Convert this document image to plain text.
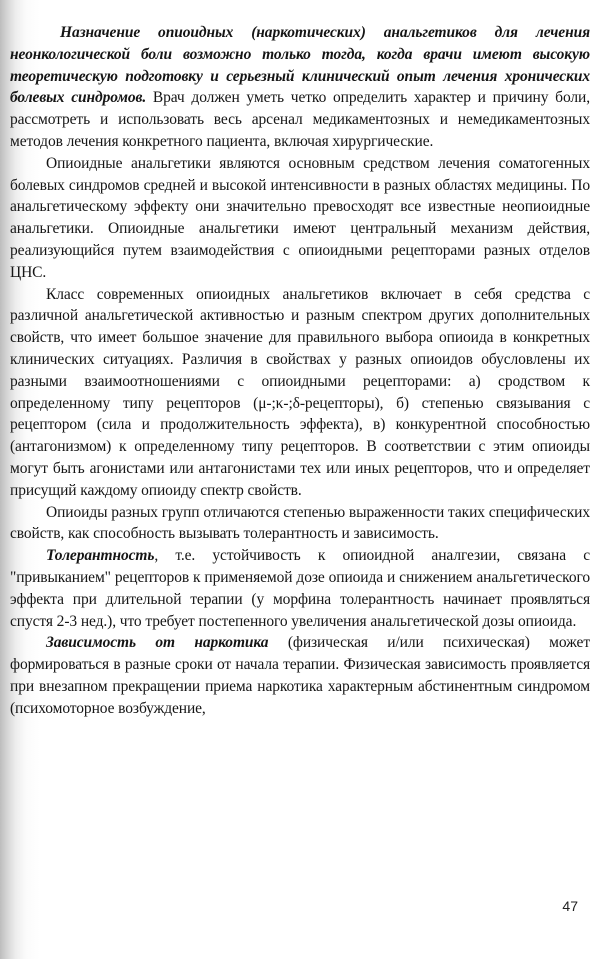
Назначение опиоидных (наркотических) анальгетиков для лечения неонкологической боли возможно только тогда, когда врачи имеют высокую теоретическую подготовку и серьезный клинический опыт лечения хронических болевых синдромов. Врач должен уметь четко определить характер и причину боли, рассмотреть и использовать весь арсенал медикаментозных и немедикаментозных методов лечения конкретного пациента, включая хирургические.

Опиоидные анальгетики являются основным средством лечения соматогенных болевых синдромов средней и высокой интенсивности в разных областях медицины. По анальгетическому эффекту они значительно превосходят все известные неопиоидные анальгетики. Опиоидные анальгетики имеют центральный механизм действия, реализующийся путем взаимодействия с опиоидными рецепторами разных отделов ЦНС.

Класс современных опиоидных анальгетиков включает в себя средства с различной анальгетической активностью и разным спектром других дополнительных свойств, что имеет большое значение для правильного выбора опиоида в конкретных клинических ситуациях. Различия в свойствах у разных опиоидов обусловлены их разными взаимоотношениями с опиоидными рецепторами: а) сродством к определенному типу рецепторов (μ-;κ-;δ-рецепторы), б) степенью связывания с рецептором (сила и продолжительность эффекта), в) конкурентной способностью (антагонизмом) к определенному типу рецепторов. В соответствии с этим опиоиды могут быть агонистами или антагонистами тех или иных рецепторов, что и определяет присущий каждому опиоиду спектр свойств.

Опиоиды разных групп отличаются степенью выраженности таких специфических свойств, как способность вызывать толерантность и зависимость.

Толерантность, т.е. устойчивость к опиоидной аналгезии, связана с "привыканием" рецепторов к применяемой дозе опиоида и снижением анальгетического эффекта при длительной терапии (у морфина толерантность начинает проявляться спустя 2-3 нед.), что требует постепенного увеличения анальгетической дозы опиоида.

Зависимость от наркотика (физическая и/или психическая) может формироваться в разные сроки от начала терапии. Физическая зависимость проявляется при внезапном прекращении приема наркотика характерным абстинентным синдромом (психомоторное возбуждение,

47
